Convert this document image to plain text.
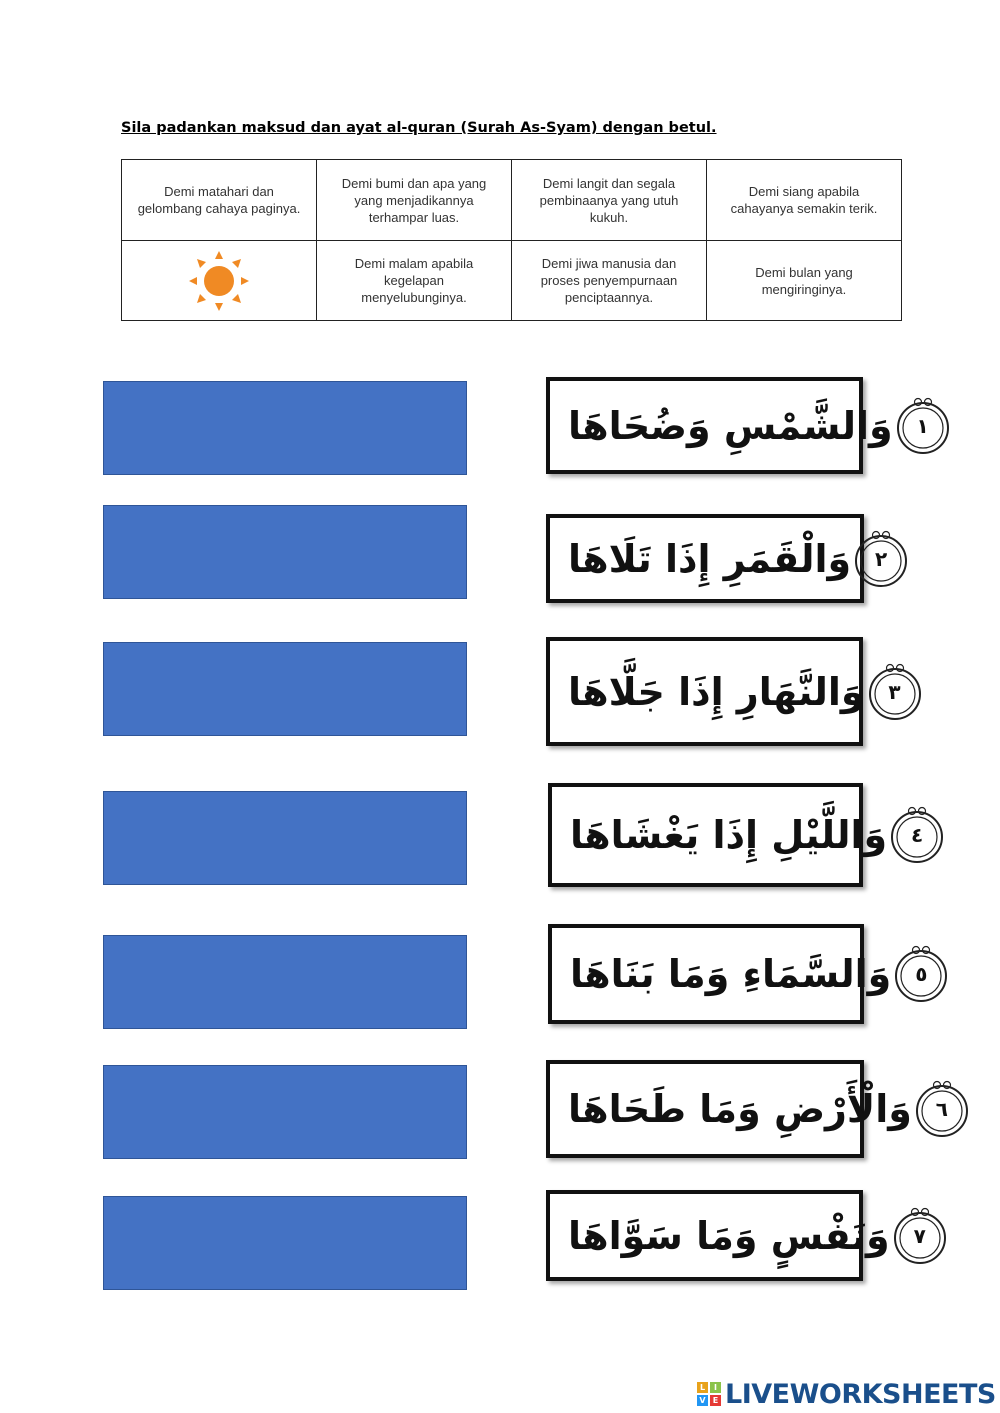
Sila padankan maksud dan ayat al-quran (Surah As-Syam) dengan betul.
Demi matahari dan gelombang cahaya paginya.	Demi bumi dan apa yang yang menjadikannya terhampar luas.	Demi langit dan segala pembinaanya yang utuh kukuh.	Demi siang apabila cahayanya semakin terik.
	Demi malam apabila kegelapan menyelubunginya.	Demi jiwa manusia dan proses penyempurnaan penciptaannya.	Demi bulan yang mengiringinya.
١
وَالشَّمْسِ وَضُحَاهَا
٢
وَالْقَمَرِ إِذَا تَلَاهَا
٣
وَالنَّهَارِ إِذَا جَلَّاهَا
٤
وَاللَّيْلِ إِذَا يَغْشَاهَا
٥
وَالسَّمَاءِ وَمَا بَنَاهَا
٦
وَالْأَرْضِ وَمَا طَحَاهَا
٧
وَنَفْسٍ وَمَا سَوَّاهَا
L	I
V E LIVEWORKSHEETS
